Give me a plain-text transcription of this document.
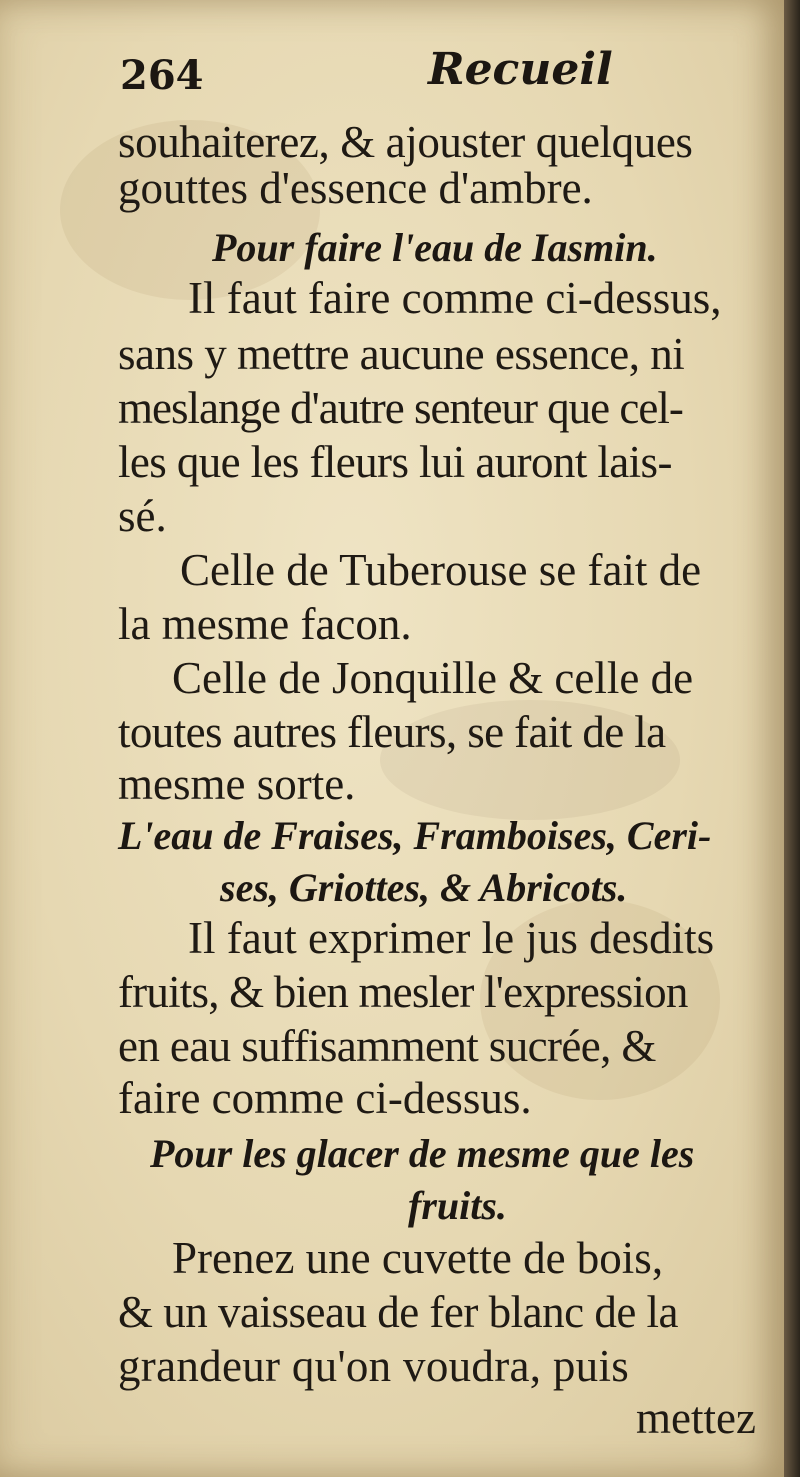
264	Recueil
souhaiterez, & ajouster quelques
gouttes d'essence d'ambre.
Pour faire l'eau de Iasmin.
Il faut faire comme ci-dessus,
sans y mettre aucune essence, ni
meslange d'autre senteur que cel-
les que les fleurs lui auront lais-
sé.
Celle de Tuberouse se fait de
la mesme facon.
Celle de Jonquille & celle de
toutes autres fleurs, se fait de la
mesme sorte.
L'eau de Fraises, Framboises, Ceri-
ses, Griottes, & Abricots.
Il faut exprimer le jus desdits
fruits, & bien mesler l'expression
en eau suffisamment sucrée, &
faire comme ci-dessus.
Pour les glacer de mesme que les
fruits.
Prenez une cuvette de bois,
& un vaisseau de fer blanc de la
grandeur qu'on voudra, puis
mettez
